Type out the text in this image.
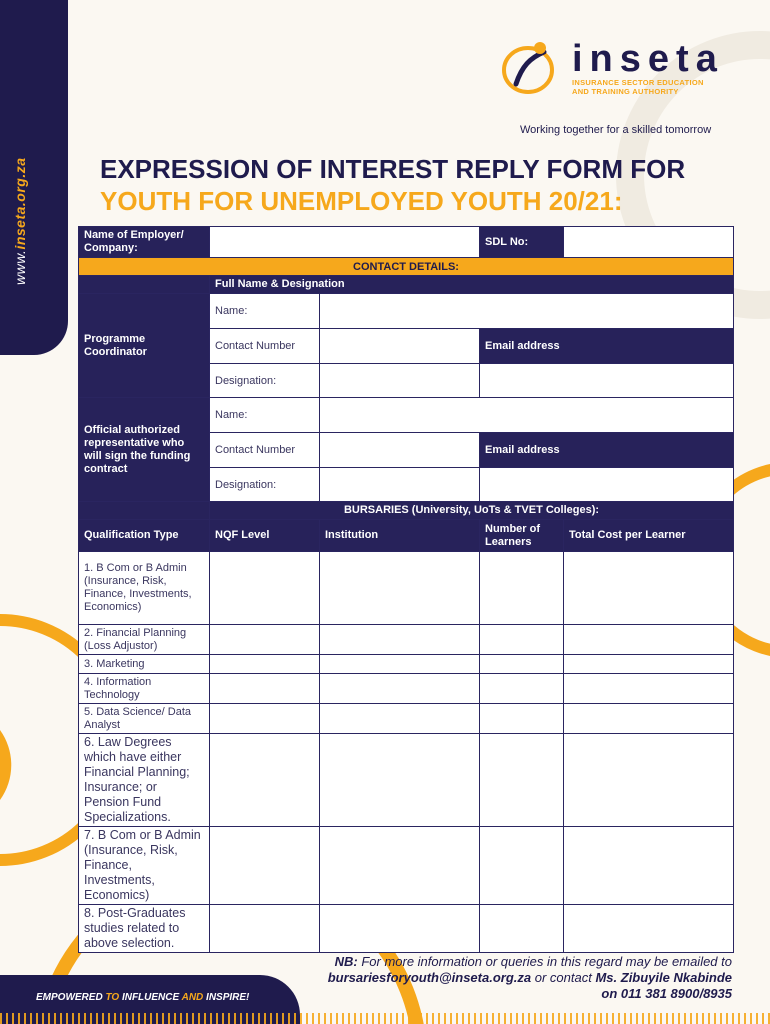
www.inseta.org.za
inseta
INSURANCE SECTOR EDUCATION
AND TRAINING AUTHORITY
Working together for a skilled tomorrow
EXPRESSION OF INTEREST REPLY FORM FOR
YOUTH FOR UNEMPLOYED YOUTH 20/21:
Name of Employer/ Company:			SDL No:	
CONTACT DETAILS:				
	Full Name & Designation			
Programme Coordinator	Name:			
	Contact Number		Email address	
	Designation:			
Official authorized representative who will sign the funding contract	Name:			
	Contact Number		Email address	
	Designation:			
	BURSARIES (University, UoTs & TVET Colleges):			
Qualification Type	NQF Level	Institution	Number of Learners	Total Cost per Learner
1. B Com or B Admin (Insurance, Risk, Finance, Investments, Economics)				
2. Financial Planning (Loss Adjustor)				
3. Marketing				
4. Information Technology				
5. Data Science/ Data Analyst				
6. Law Degrees which have either Financial Planning; Insurance; or Pension Fund Specializations.				
7. B Com or B Admin (Insurance, Risk, Finance, Investments, Economics)				
8. Post-Graduates studies related to above selection.				
NB: For more information or queries in this regard may be emailed to
bursariesforyouth@inseta.org.za or contact Ms. Zibuyile Nkabinde
on 011 381 8900/8935
EMPOWERED TO INFLUENCE AND INSPIRE!
